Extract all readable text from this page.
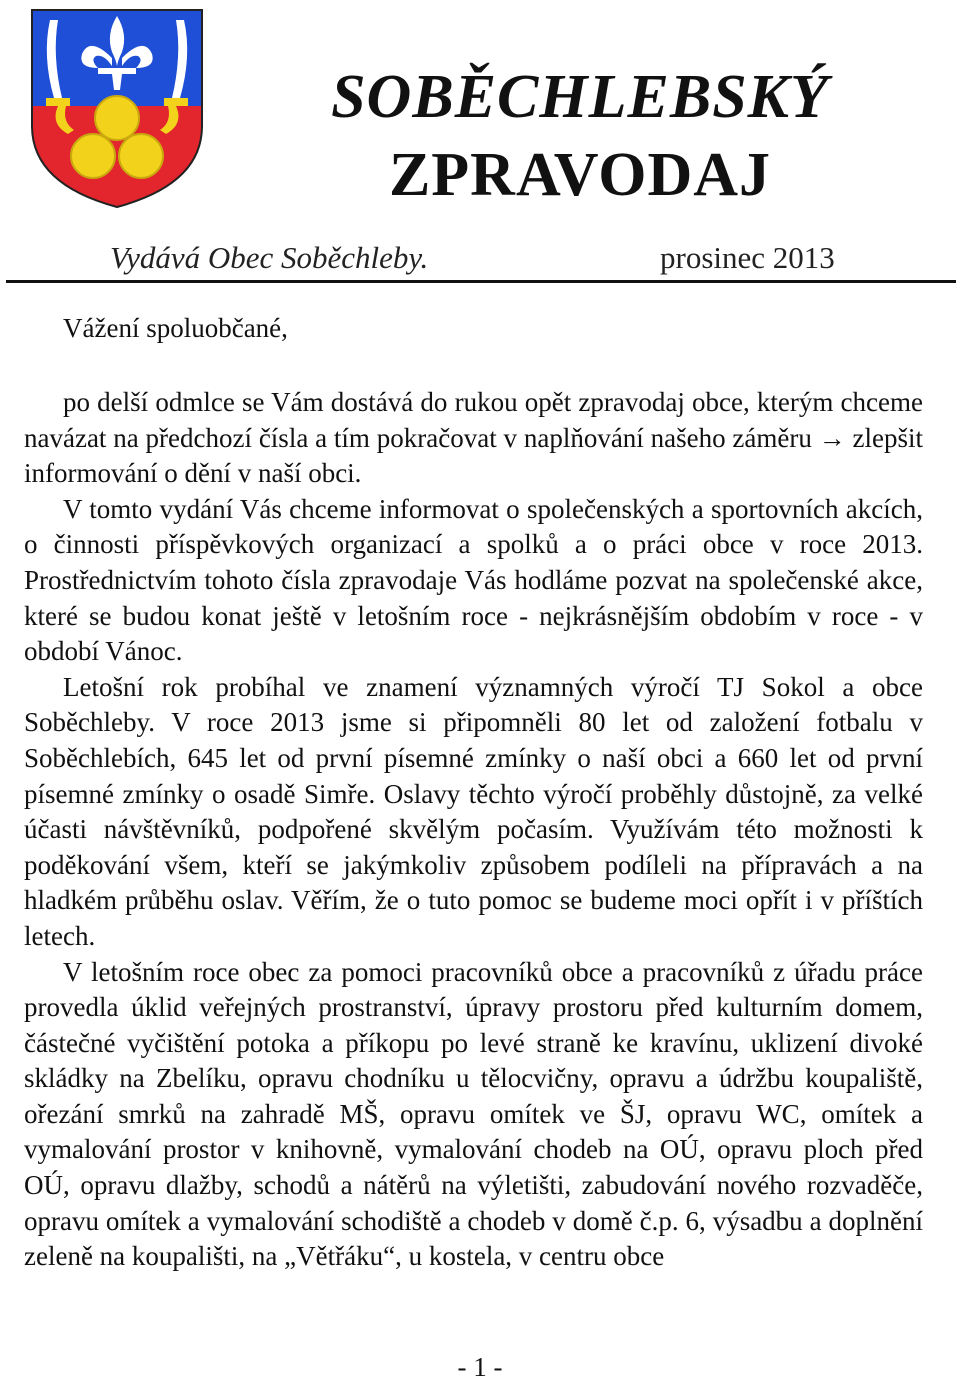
SOBĚCHLEBSKÝ
ZPRAVODAJ
Vydává Obec Soběchleby.	prosinec 2013
Vážení spoluobčané,

po delší odmlce se Vám dostává do rukou opět zpravodaj obce, kterým chceme navázat na předchozí čísla a tím pokračovat v naplňování našeho záměru → zlepšit informování o dění v naší obci.

V tomto vydání Vás chceme informovat o společenských a sportovních akcích, o činnosti příspěvkových organizací a spolků a o práci obce v roce 2013. Prostřednictvím tohoto čísla zpravodaje Vás hodláme pozvat na společenské akce, které se budou konat ještě v letošním roce - nejkrásnějším obdobím v roce - v období Vánoc.

Letošní rok probíhal ve znamení významných výročí TJ Sokol a obce Soběchleby. V roce 2013 jsme si připomněli 80 let od založení fotbalu v Soběchlebích, 645 let od první písemné zmínky o naší obci a 660 let od první písemné zmínky o osadě Simře. Oslavy těchto výročí proběhly důstojně, za velké účasti návštěvníků, podpořené skvělým počasím. Využívám této možnosti k poděkování všem, kteří se jakýmkoliv způsobem podíleli na přípravách a na hladkém průběhu oslav. Věřím, že o tuto pomoc se budeme moci opřít i v příštích letech.

V letošním roce obec za pomoci pracovníků obce a pracovníků z úřadu práce provedla úklid veřejných prostranství, úpravy prostoru před kulturním domem, částečné vyčištění potoka a příkopu po levé straně ke kravínu, uklizení divoké skládky na Zbelíku, opravu chodníku u tělocvičny, opravu a údržbu koupaliště, ořezání smrků na zahradě MŠ, opravu omítek ve ŠJ, opravu WC, omítek a vymalování prostor v knihovně, vymalování chodeb na OÚ, opravu ploch před OÚ, opravu dlažby, schodů a nátěrů na výletišti, zabudování nového rozvaděče, opravu omítek a vymalování schodiště a chodeb v domě č.p. 6, výsadbu a doplnění zeleně na koupališti, na „Větřáku“, u kostela, v centru obce

- 1 -
